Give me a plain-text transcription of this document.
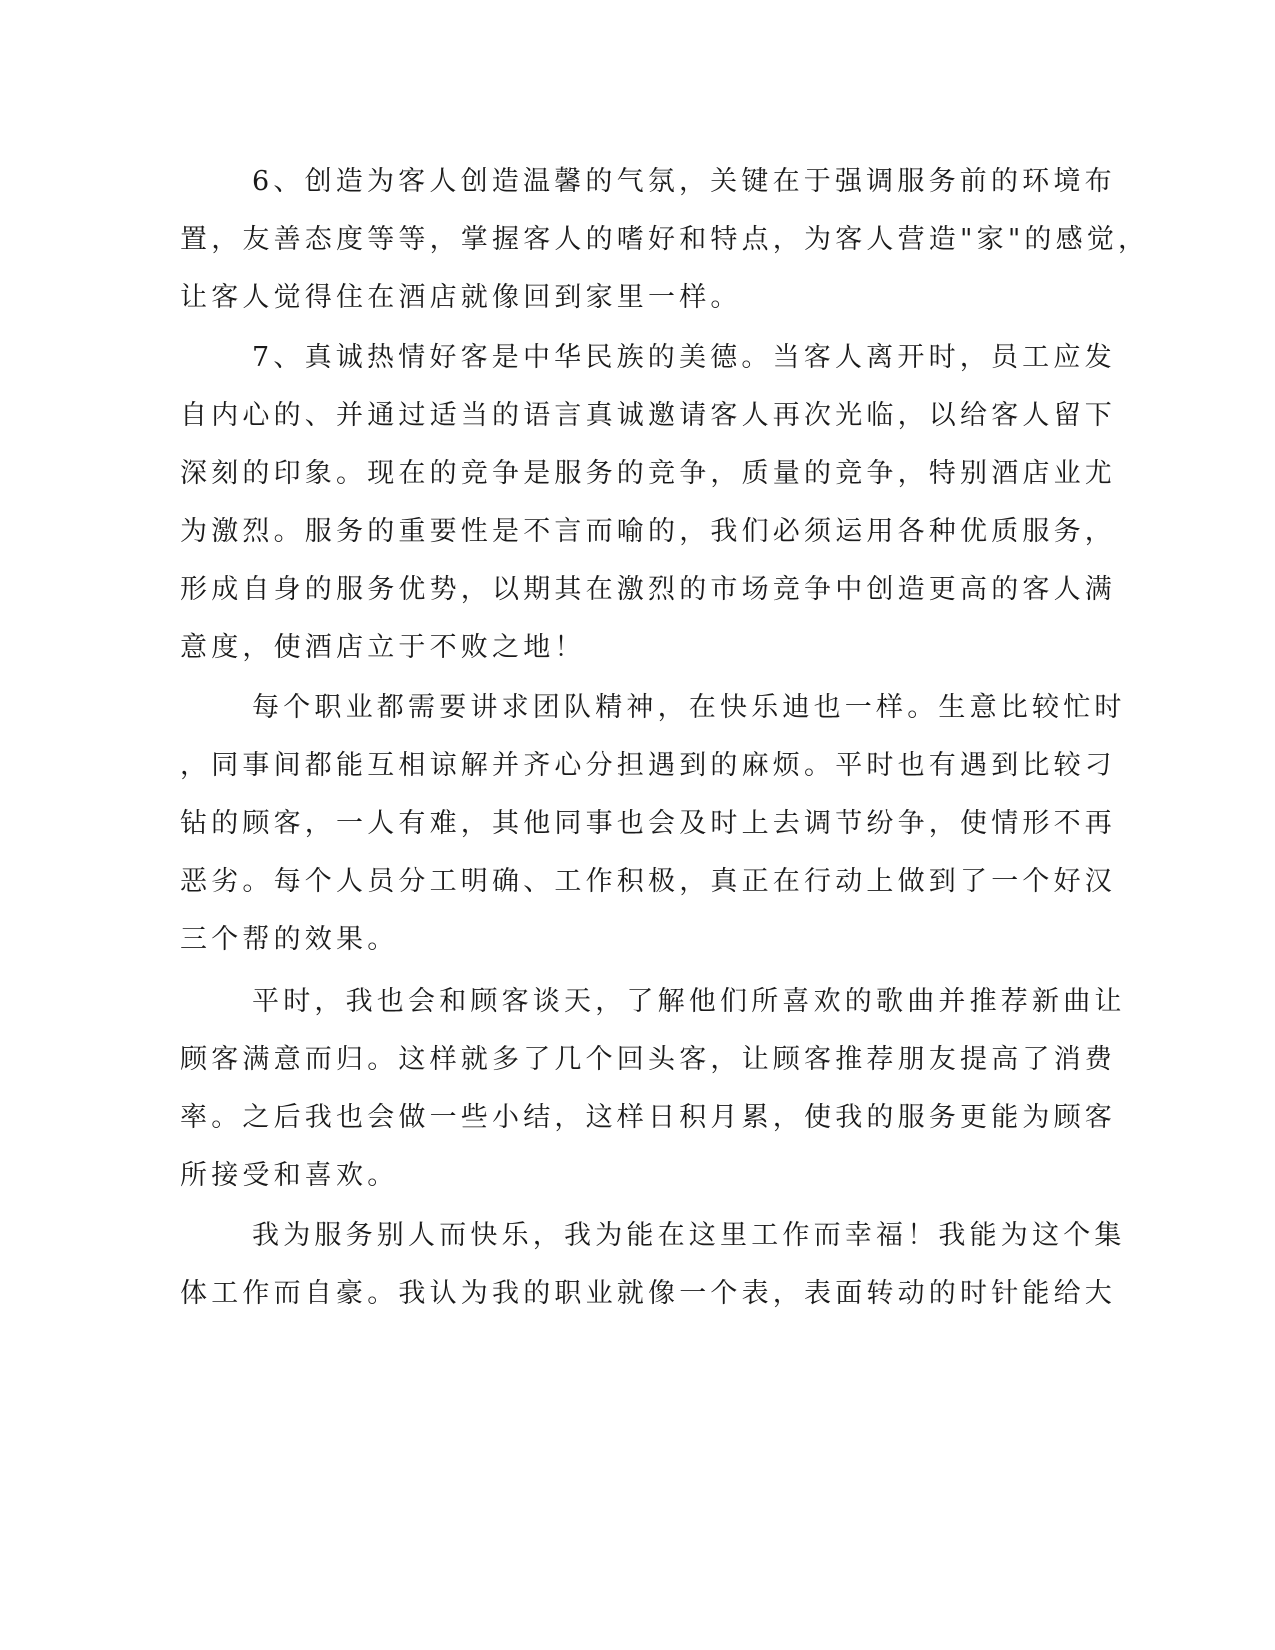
6、创造为客人创造温馨的气氛，关键在于强调服务前的环境布
置，友善态度等等，掌握客人的嗜好和特点，为客人营造"家"的感觉，
让客人觉得住在酒店就像回到家里一样。
7、真诚热情好客是中华民族的美德。当客人离开时，员工应发
自内心的、并通过适当的语言真诚邀请客人再次光临，以给客人留下
深刻的印象。现在的竞争是服务的竞争，质量的竞争，特别酒店业尤
为激烈。服务的重要性是不言而喻的，我们必须运用各种优质服务，
形成自身的服务优势，以期其在激烈的市场竞争中创造更高的客人满
意度，使酒店立于不败之地！
每个职业都需要讲求团队精神，在快乐迪也一样。生意比较忙时
，同事间都能互相谅解并齐心分担遇到的麻烦。平时也有遇到比较刁
钻的顾客，一人有难，其他同事也会及时上去调节纷争，使情形不再
恶劣。每个人员分工明确、工作积极，真正在行动上做到了一个好汉
三个帮的效果。
平时，我也会和顾客谈天，了解他们所喜欢的歌曲并推荐新曲让
顾客满意而归。这样就多了几个回头客，让顾客推荐朋友提高了消费
率。之后我也会做一些小结，这样日积月累，使我的服务更能为顾客
所接受和喜欢。
我为服务别人而快乐，我为能在这里工作而幸福！我能为这个集
体工作而自豪。我认为我的职业就像一个表，表面转动的时针能给大
